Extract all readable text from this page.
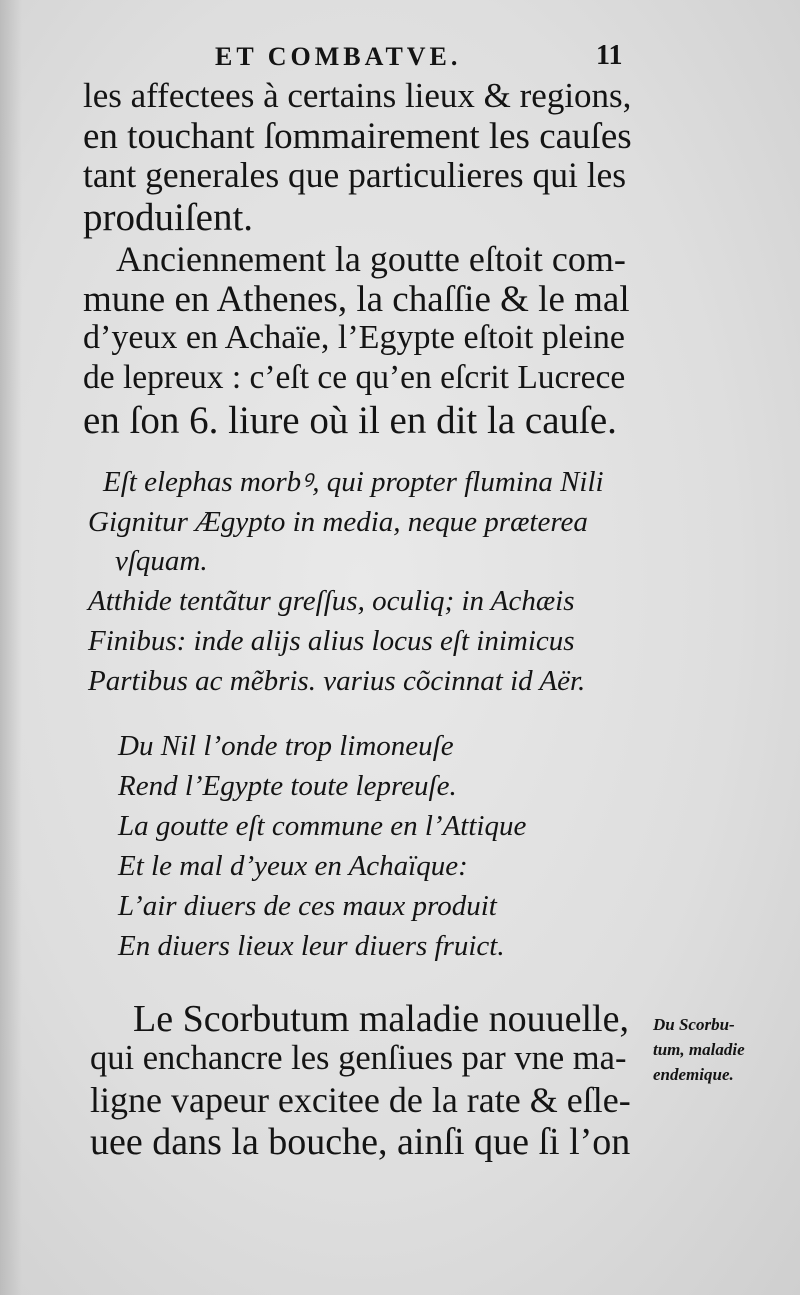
ET COMBATVE.	11
les affectees à certains lieux & regions,
en touchant ſommairement les cauſes
tant generales que particulieres qui les
produiſent.
Anciennement la goutte eſtoit com-
mune en Athenes, la chaſſie & le mal
d’yeux en Achaïe, l’Egypte eſtoit pleine
de lepreux : c’eſt ce qu’en eſcrit Lucrece
en ſon 6. liure où il en dit la cauſe.
Eſt elephas morbꝰ, qui propter flumina Nili
Gignitur Ægypto in media, neque præterea
vſquam.
Atthide tentãtur greſſus, oculiq; in Achæis
Finibus: inde alijs alius locus eſt inimicus
Partibus ac mẽbris. varius cõcinnat id Aër.
Du Nil l’onde trop limoneuſe
Rend l’Egypte toute lepreuſe.
La goutte eſt commune en l’Attique
Et le mal d’yeux en Achaïque:
L’air diuers de ces maux produit
En diuers lieux leur diuers fruict.
Le Scorbutum maladie nouuelle,
qui enchancre les genſiues par vne ma-
ligne vapeur excitee de la rate & eſle-
uee dans la bouche, ainſi que ſi l’on
Du Scorbu-
tum, maladie
endemique.
